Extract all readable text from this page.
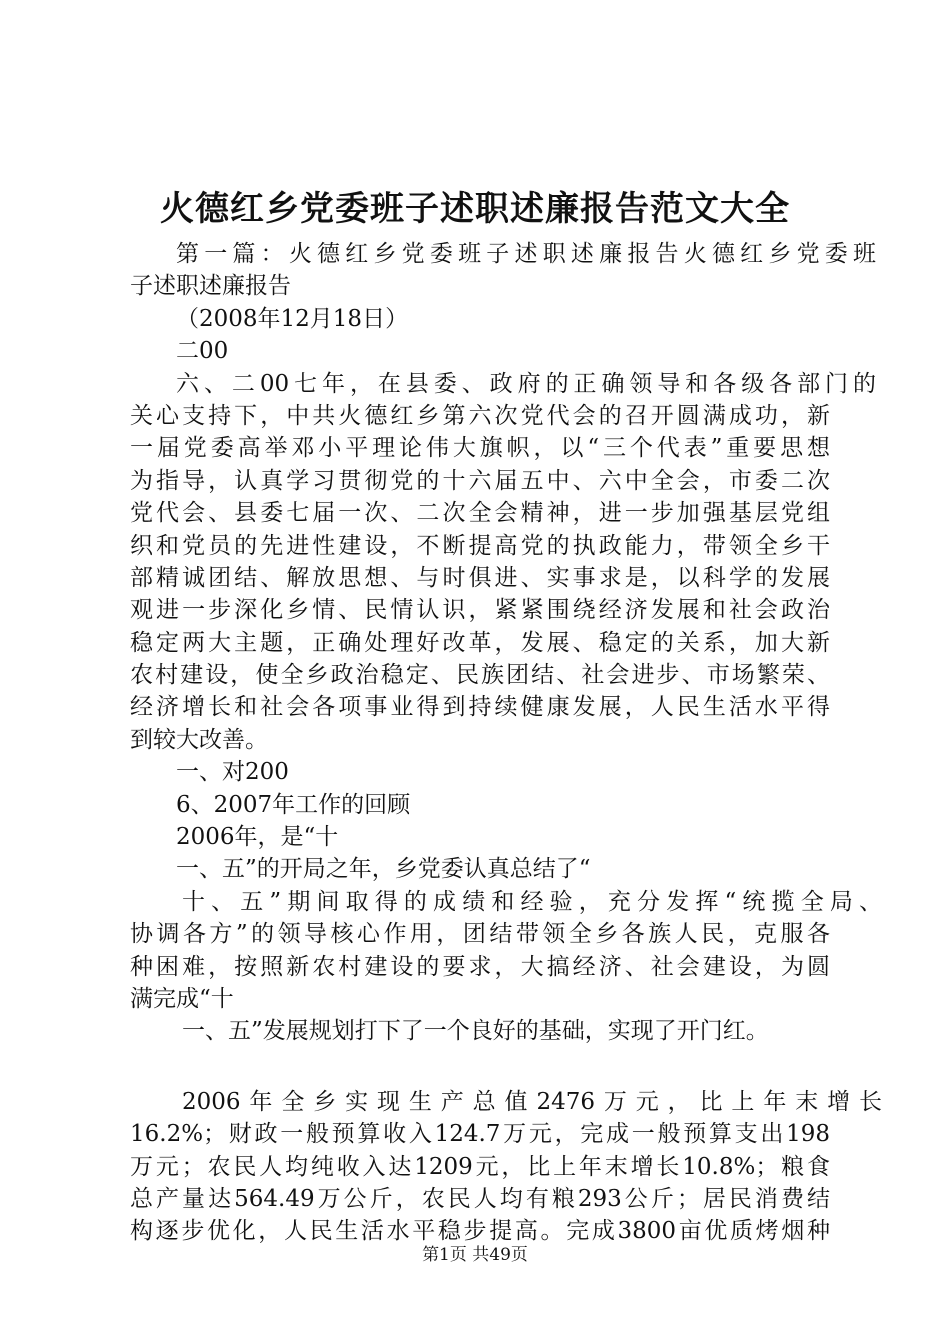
火德红乡党委班子述职述廉报告范文大全
第一篇：火德红乡党委班子述职述廉报告火德红乡党委班
子述职述廉报告
（2008年12月18日）
二00
六、二00七年，在县委、政府的正确领导和各级各部门的
关心支持下，中共火德红乡第六次党代会的召开圆满成功，新
一届党委高举邓小平理论伟大旗帜，以“三个代表”重要思想
为指导，认真学习贯彻党的十六届五中、六中全会，市委二次
党代会、县委七届一次、二次全会精神，进一步加强基层党组
织和党员的先进性建设，不断提高党的执政能力，带领全乡干
部精诚团结、解放思想、与时俱进、实事求是，以科学的发展
观进一步深化乡情、民情认识，紧紧围绕经济发展和社会政治
稳定两大主题，正确处理好改革，发展、稳定的关系，加大新
农村建设，使全乡政治稳定、民族团结、社会进步、市场繁荣、
经济增长和社会各项事业得到持续健康发展，人民生活水平得
到较大改善。
一、对200
6、2007年工作的回顾
2006年，是“十
一、五”的开局之年，乡党委认真总结了“
十、五”期间取得的成绩和经验，充分发挥“统揽全局、
协调各方”的领导核心作用，团结带领全乡各族人民，克服各
种困难，按照新农村建设的要求，大搞经济、社会建设，为圆
满完成“十
一、五”发展规划打下了一个良好的基础，实现了开门红。
2006年全乡实现生产总值2476万元，比上年末增长
16.2%；财政一般预算收入124.7万元，完成一般预算支出198
万元；农民人均纯收入达1209元，比上年末增长10.8%；粮食
总产量达564.49万公斤，农民人均有粮293公斤；居民消费结
构逐步优化，人民生活水平稳步提高。完成3800亩优质烤烟种
第1页 共49页
